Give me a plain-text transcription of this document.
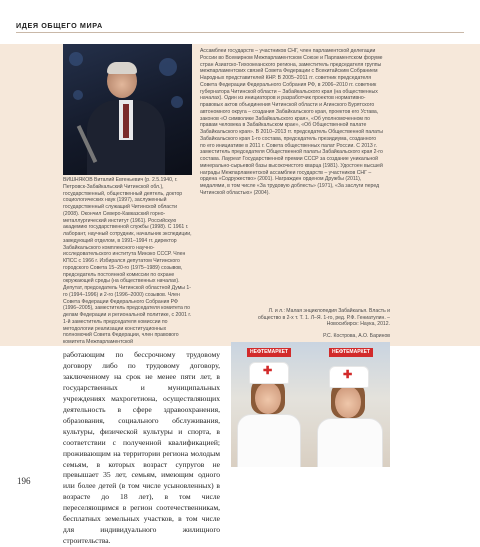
ИДЕЯ ОБЩЕГО МИРА
ВИШНЯКОВ Виталий Евгеньевич (р. 2.5.1940, г. Петровск-Забайкальский Читинской обл.), государственный, общественный деятель, доктор социологических наук (1997), заслуженный государственный служащий Читинской области (2008). Окончил Северо-Кавказский горно-металлургический институт (1961). Российскую академию государственной службы (1998). С 1961 г. лаборант, научный сотрудник, начальник экспедиции, заведующий отделом, в 1991–1994 гг. директор Забайкальского комплексного научно-исследовательского института Минэко СССР. Член КПСС с 1966 г. Избирался депутатом Читинского городского Совета 15–20-го (1975–1989) созывов, председатель постоянной комиссии по охране окружающей среды (на общественных началах). Депутат, председатель Читинской областной Думы 1-го (1994–1996) и 2-го (1996–2000) созывов. Член Совета Федерации Федерального Собрания РФ (1996–2005), заместитель председателя комитета по делам Федерации и региональной политике, с 2001 г. 1-й заместитель председателя комиссии по методологии реализации конституционных полномочий Совета Федерации, член правового комитета Межпарламентской
Ассамблеи государств – участников СНГ, член парламентской делегации России во Всемирном Межпарламентском Союзе и Парламентском форуме стран Азиатско-Тихоокеанского региона, заместитель председателя группы межпарламентских связей Совета Федерации с Всекитайским Собранием Народных представителей КНР. В 2005–2011 гг. советник председателя Совета Федерации Федерального Собрания РФ, в 2006–2010 гг. советник губернатора Читинской области – Забайкальского края (на общественных началах). Один из инициаторов и разработчик проектов нормативно-правовых актов объединения Читинской области и Агинского Бурятского автономного округа – создания Забайкальского края, проектов его Устава, законов «О символике Забайкальского края», «Об уполномоченном по правам человека в Забайкальском крае», «Об Общественной палате Забайкальского края». В 2010–2013 гг. председатель Общественной палаты Забайкальского края 1-го состава, председатель президиума, созданного по его инициативе в 2011 г. Совета общественных палат России. С 2013 г. заместитель председателя Общественной палаты Забайкальского края 2-го состава. Лауреат Государственной премии СССР за создание уникальной минерально-сырьевой базы высокочистого кварца (1981). Удостоен высшей награды Межпарламентской ассамблеи государств – участников СНГ – ордена «Содружество» (2001). Награжден орденом Дружбы (2011), медалями, в том числе «За трудовую доблесть» (1971), «За заслуги перед Читинской областью» (2004).
Л. и л.: Малая энциклопедия Забайкалья. Власть и
общество в 2-х т. Т. 1. Л–Я. 1-го, ред. Р.Ф. Гениатулин. –
Новосибирск: Наука, 2012.
Р.С. Кострова, А.О. Баринов
работающим по бессрочному трудовому договору либо по трудовому договору, заключенному на срок не менее пяти лет, в государственных и муниципальных учреждениях махрогетиона, осуществляющих деятельность в сфере здравоохранения, образования, социального обслуживания, культуры, физической культуры и спорта, в соответствии с полученной квалификацией; проживающим на территории региона молодым семьям, в которых возраст супругов не превышает 35 лет, семьям, имеющим одного или более детей (в том числе усыновленных) в возрасте до 18 лет), в том числе переселяющимся в регион соотечественникам, бесплатных земельных участков, в том числе для индивидуального жилищного строительства.
196
НЕФТЕМАРКЕТ	НЕФТЕМАРКЕТ
✚	✚
